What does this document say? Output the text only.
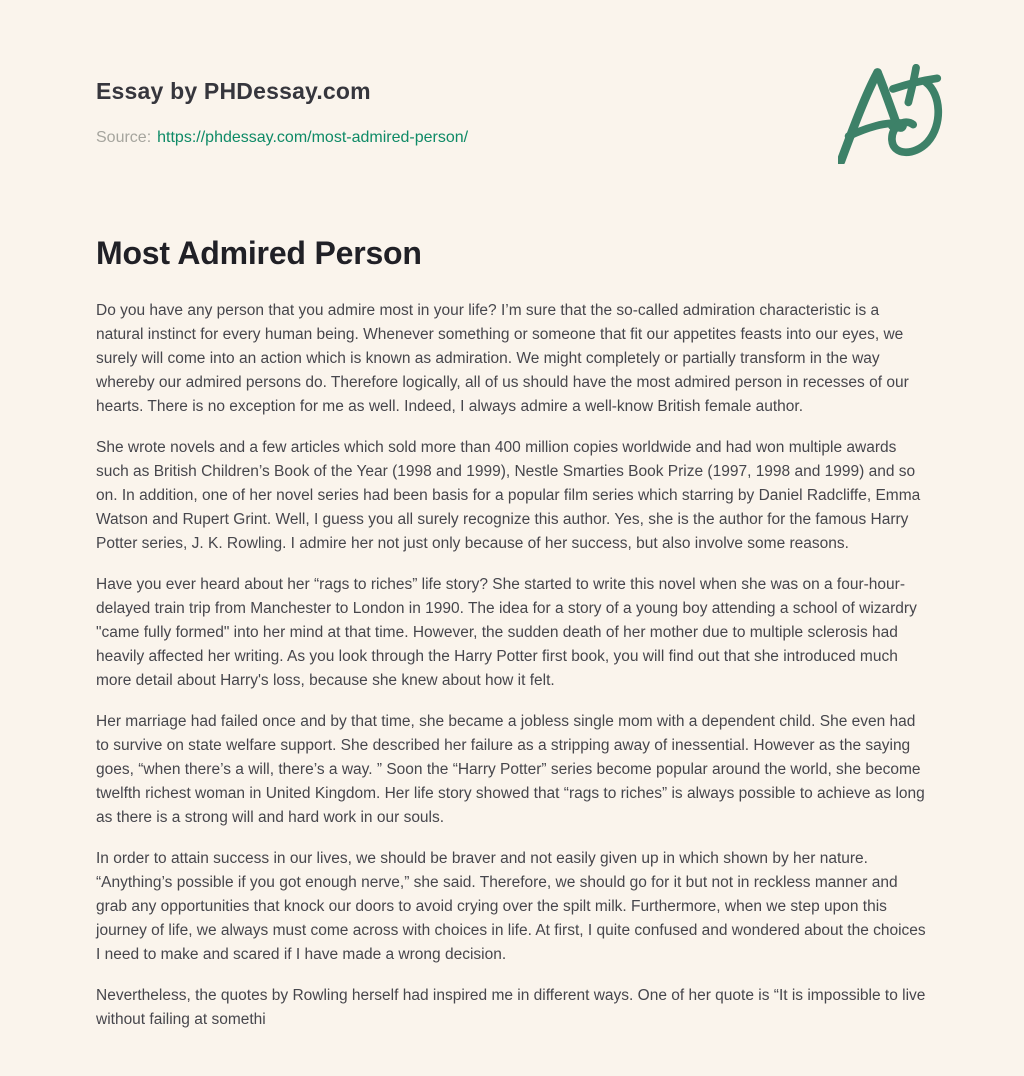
Essay by PHDessay.com
Source: https://phdessay.com/most-admired-person/
Most Admired Person

Do you have any person that you admire most in your life? I’m sure that the so-called admiration characteristic is a natural instinct for every human being. Whenever something or someone that fit our appetites feasts into our eyes, we surely will come into an action which is known as admiration. We might completely or partially transform in the way whereby our admired persons do. Therefore logically, all of us should have the most admired person in recesses of our hearts. There is no exception for me as well. Indeed, I always admire a well-know British female author.

She wrote novels and a few articles which sold more than 400 million copies worldwide and had won multiple awards such as British Children’s Book of the Year (1998 and 1999), Nestle Smarties Book Prize (1997, 1998 and 1999) and so on. In addition, one of her novel series had been basis for a popular film series which starring by Daniel Radcliffe, Emma Watson and Rupert Grint. Well, I guess you all surely recognize this author. Yes, she is the author for the famous Harry Potter series, J. K. Rowling. I admire her not just only because of her success, but also involve some reasons.

Have you ever heard about her “rags to riches” life story? She started to write this novel when she was on a four-hour-delayed train trip from Manchester to London in 1990. The idea for a story of a young boy attending a school of wizardry "came fully formed" into her mind at that time. However, the sudden death of her mother due to multiple sclerosis had heavily affected her writing. As you look through the Harry Potter first book, you will find out that she introduced much more detail about Harry's loss, because she knew about how it felt.

Her marriage had failed once and by that time, she became a jobless single mom with a dependent child. She even had to survive on state welfare support. She described her failure as a stripping away of inessential. However as the saying goes, “when there’s a will, there’s a way. ” Soon the “Harry Potter” series become popular around the world, she become twelfth richest woman in United Kingdom. Her life story showed that “rags to riches” is always possible to achieve as long as there is a strong will and hard work in our souls.

In order to attain success in our lives, we should be braver and not easily given up in which shown by her nature. “Anything’s possible if you got enough nerve,” she said. Therefore, we should go for it but not in reckless manner and grab any opportunities that knock our doors to avoid crying over the spilt milk. Furthermore, when we step upon this journey of life, we always must come across with choices in life. At first, I quite confused and wondered about the choices I need to make and scared if I have made a wrong decision.

Nevertheless, the quotes by Rowling herself had inspired me in different ways. One of her quote is “It is impossible to live without failing at somethi
